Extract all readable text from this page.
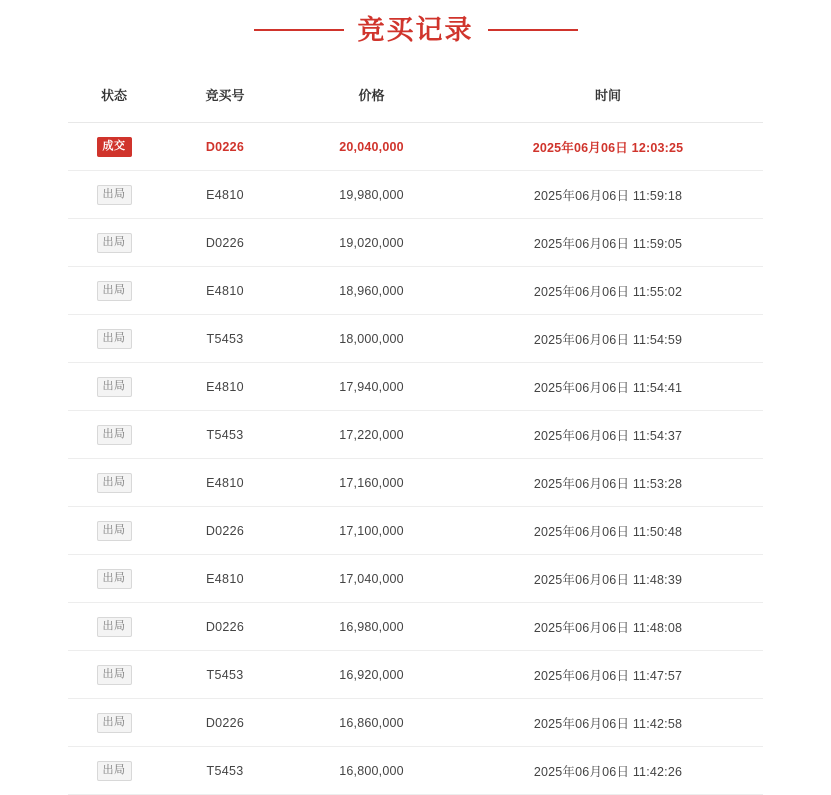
竞买记录
状态	竞买号	价格	时间
成交	D0226	20,040,000	2025年06月06日 12:03:25
出局	E4810	19,980,000	2025年06月06日 11:59:18
出局	D0226	19,020,000	2025年06月06日 11:59:05
出局	E4810	18,960,000	2025年06月06日 11:55:02
出局	T5453	18,000,000	2025年06月06日 11:54:59
出局	E4810	17,940,000	2025年06月06日 11:54:41
出局	T5453	17,220,000	2025年06月06日 11:54:37
出局	E4810	17,160,000	2025年06月06日 11:53:28
出局	D0226	17,100,000	2025年06月06日 11:50:48
出局	E4810	17,040,000	2025年06月06日 11:48:39
出局	D0226	16,980,000	2025年06月06日 11:48:08
出局	T5453	16,920,000	2025年06月06日 11:47:57
出局	D0226	16,860,000	2025年06月06日 11:42:58
出局	T5453	16,800,000	2025年06月06日 11:42:26
